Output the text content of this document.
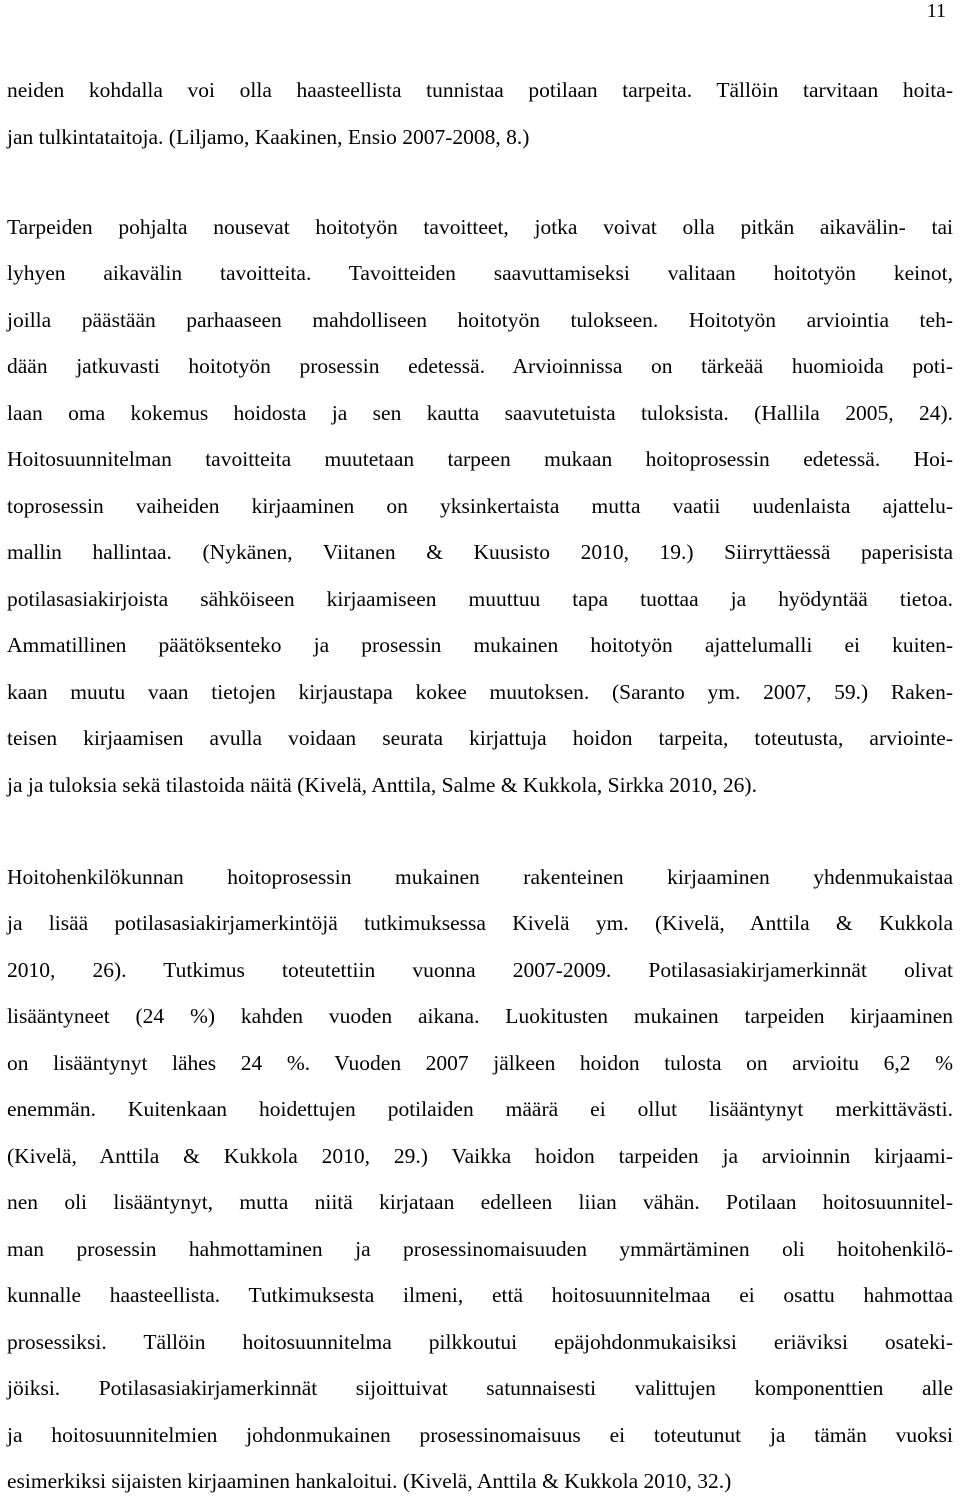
11
neiden kohdalla voi olla haasteellista tunnistaa potilaan tarpeita. Tällöin tarvitaan hoita-
jan tulkintataitoja. (Liljamo, Kaakinen, Ensio 2007-2008, 8.)
Tarpeiden pohjalta nousevat hoitotyön tavoitteet, jotka voivat olla pitkän aikavälin- tai
lyhyen aikavälin tavoitteita. Tavoitteiden saavuttamiseksi valitaan hoitotyön keinot,
joilla päästään parhaaseen mahdolliseen hoitotyön tulokseen. Hoitotyön arviointia teh-
dään jatkuvasti hoitotyön prosessin edetessä. Arvioinnissa on tärkeää huomioida poti-
laan oma kokemus hoidosta ja sen kautta saavutetuista tuloksista. (Hallila 2005, 24).
Hoitosuunnitelman tavoitteita muutetaan tarpeen mukaan hoitoprosessin edetessä. Hoi-
toprosessin vaiheiden kirjaaminen on yksinkertaista mutta vaatii uudenlaista ajattelu-
mallin hallintaa. (Nykänen, Viitanen & Kuusisto 2010, 19.) Siirryttäessä paperisista
potilasasiakirjoista sähköiseen kirjaamiseen muuttuu tapa tuottaa ja hyödyntää tietoa.
Ammatillinen päätöksenteko ja prosessin mukainen hoitotyön ajattelumalli ei kuiten-
kaan muutu vaan tietojen kirjaustapa kokee muutoksen. (Saranto ym. 2007, 59.) Raken-
teisen kirjaamisen avulla voidaan seurata kirjattuja hoidon tarpeita, toteutusta, arviointe-
ja ja tuloksia sekä tilastoida näitä (Kivelä, Anttila, Salme & Kukkola, Sirkka 2010, 26).
Hoitohenkilökunnan hoitoprosessin mukainen rakenteinen kirjaaminen yhdenmukaistaa
ja lisää potilasasiakirjamerkintöjä tutkimuksessa Kivelä ym. (Kivelä, Anttila & Kukkola
2010, 26). Tutkimus toteutettiin vuonna 2007-2009. Potilasasiakirjamerkinnät olivat
lisääntyneet (24 %) kahden vuoden aikana. Luokitusten mukainen tarpeiden kirjaaminen
on lisääntynyt lähes 24 %. Vuoden 2007 jälkeen hoidon tulosta on arvioitu 6,2 %
enemmän. Kuitenkaan hoidettujen potilaiden määrä ei ollut lisääntynyt merkittävästi.
(Kivelä, Anttila & Kukkola 2010, 29.) Vaikka hoidon tarpeiden ja arvioinnin kirjaami-
nen oli lisääntynyt, mutta niitä kirjataan edelleen liian vähän. Potilaan hoitosuunnitel-
man prosessin hahmottaminen ja prosessinomaisuuden ymmärtäminen oli hoitohenkilö-
kunnalle haasteellista. Tutkimuksesta ilmeni, että hoitosuunnitelmaa ei osattu hahmottaa
prosessiksi. Tällöin hoitosuunnitelma pilkkoutui epäjohdonmukaisiksi eriäviksi osateki-
jöiksi. Potilasasiakirjamerkinnät sijoittuivat satunnaisesti valittujen komponenttien alle
ja hoitosuunnitelmien johdonmukainen prosessinomaisuus ei toteutunut ja tämän vuoksi
esimerkiksi sijaisten kirjaaminen hankaloitui. (Kivelä, Anttila & Kukkola 2010, 32.)
